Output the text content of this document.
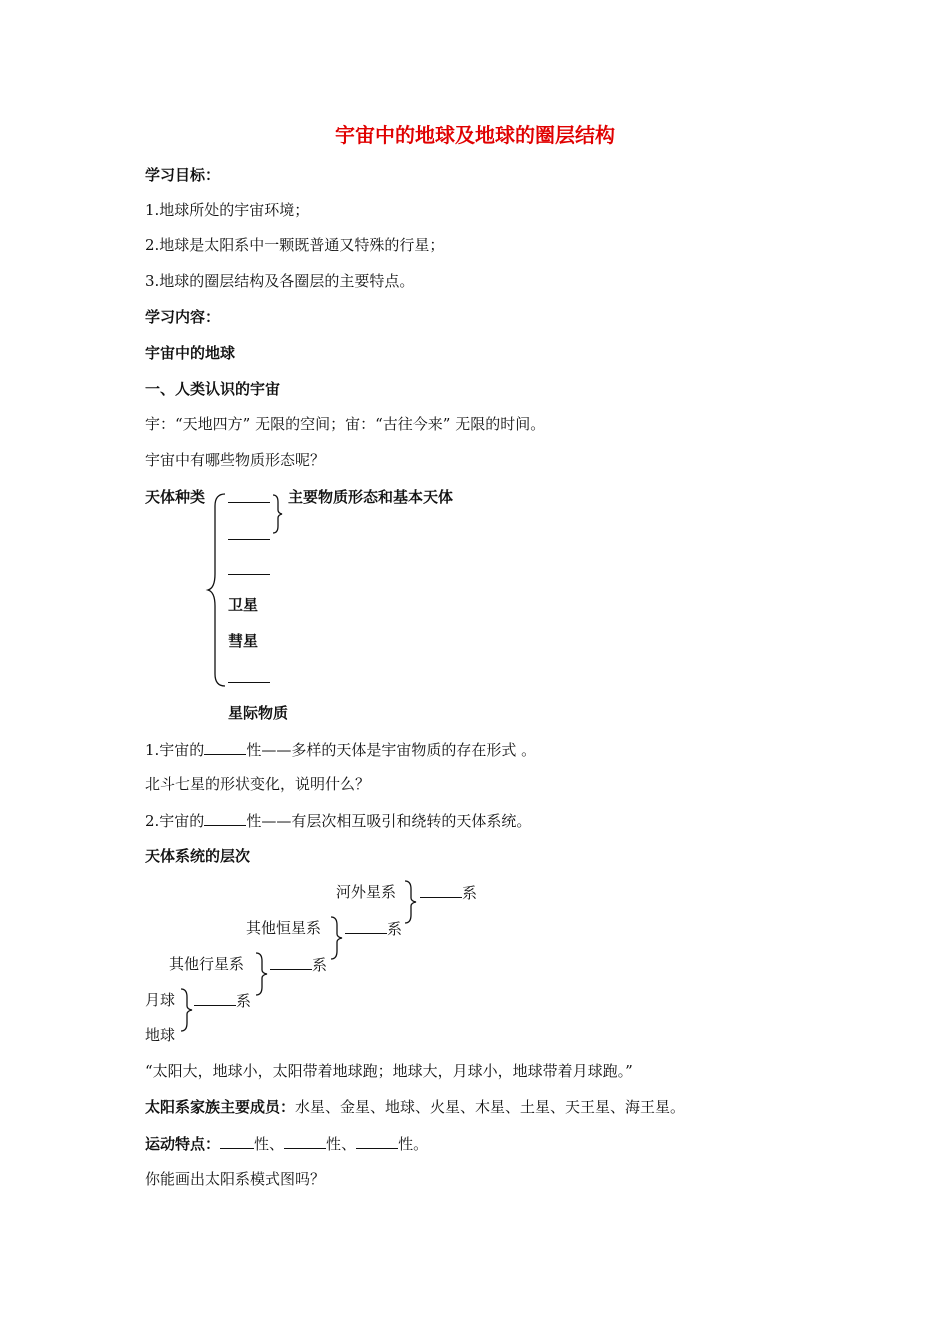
宇宙中的地球及地球的圈层结构
学习目标：
1.地球所处的宇宙环境；
2.地球是太阳系中一颗既普通又特殊的行星；
3.地球的圈层结构及各圈层的主要特点。
学习内容：
宇宙中的地球
一、人类认识的宇宙
宇：“天地四方” 无限的空间；宙：“古往今来” 无限的时间。
宇宙中有哪些物质形态呢？
天体种类	主要物质形态和基本天体
卫星
彗星
星际物质
1.宇宙的	性——多样的天体是宇宙物质的存在形式 。
北斗七星的形状变化，说明什么？
2.宇宙的	性——有层次相互吸引和绕转的天体系统。
天体系统的层次
河外星系	系
其他恒星系	系
其他行星系	系
月球	系
地球
“太阳大，地球小，太阳带着地球跑；地球大，月球小，地球带着月球跑。”
太阳系家族主要成员：水星、金星、地球、火星、木星、土星、天王星、海王星。
运动特点： 性、	性、	性。
你能画出太阳系模式图吗？
